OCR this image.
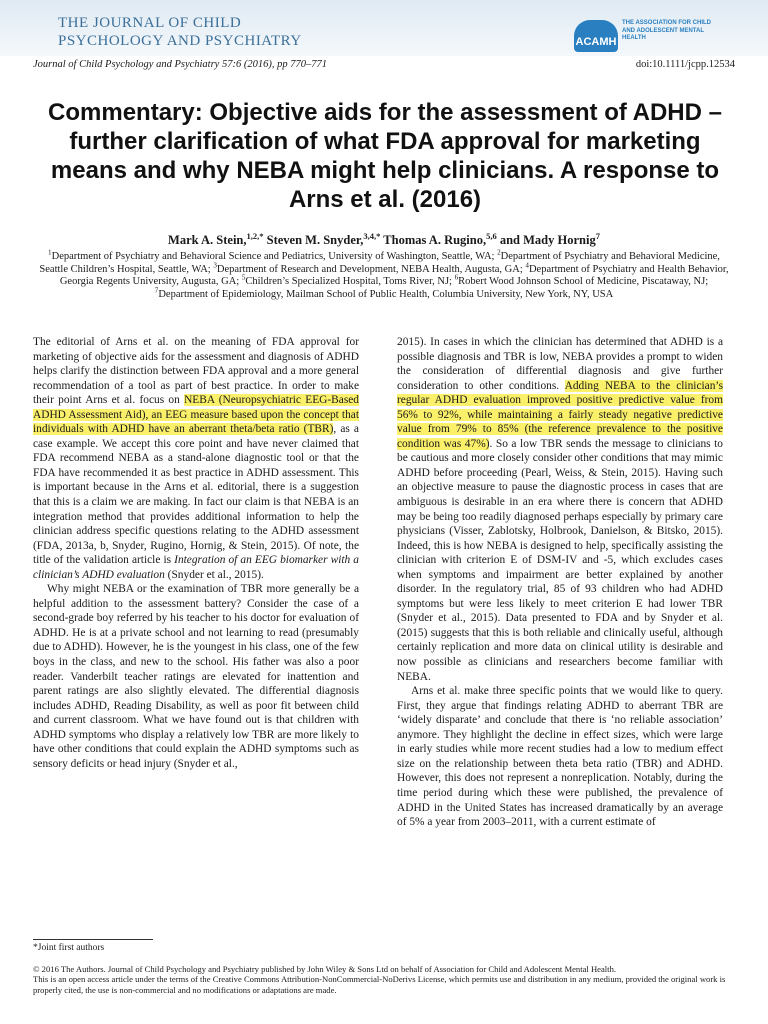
THE JOURNAL OF CHILD
PSYCHOLOGY AND PSYCHIATRY	ACAMH
THE ASSOCIATION FOR CHILD AND ADOLESCENT MENTAL HEALTH
Journal of Child Psychology and Psychiatry 57:6 (2016), pp 770–771	doi:10.1111/jcpp.12534
Commentary: Objective aids for the assessment of ADHD – further clarification of what FDA approval for marketing means and why NEBA might help clinicians. A response to Arns et al. (2016)
Mark A. Stein,$^{1,2,*}$ Steven M. Snyder,$^{3,4,*}$ Thomas A. Rugino,$^{5,6}$ and Mady Hornig$^7$
$^1$Department of Psychiatry and Behavioral Science and Pediatrics, University of Washington, Seattle, WA; $^2$Department of Psychiatry and Behavioral Medicine, Seattle Children’s Hospital, Seattle, WA; $^3$Department of Research and Development, NEBA Health, Augusta, GA; $^4$Department of Psychiatry and Health Behavior, Georgia Regents University, Augusta, GA; $^5$Children’s Specialized Hospital, Toms River, NJ; $^6$Robert Wood Johnson School of Medicine, Piscataway, NJ; $^7$Department of Epidemiology, Mailman School of Public Health, Columbia University, New York, NY, USA

The editorial of Arns et al. on the meaning of FDA approval for marketing of objective aids for the assessment and diagnosis of ADHD helps clarify the distinction between FDA approval and a more general recommendation of a tool as part of best practice. In order to make their point Arns et al. focus on NEBA (Neuropsychiatric EEG-Based ADHD Assessment Aid), an EEG measure based upon the concept that individuals with ADHD have an aberrant theta/beta ratio (TBR), as a case example. We accept this core point and have never claimed that FDA recommend NEBA as a stand-alone diagnostic tool or that the FDA have recommended it as best practice in ADHD assessment. This is important because in the Arns et al. editorial, there is a suggestion that this is a claim we are making. In fact our claim is that NEBA is an integration method that provides additional information to help the clinician address specific questions relating to the ADHD assessment (FDA, 2013a, b, Snyder, Rugino, Hornig, & Stein, 2015). Of note, the title of the validation article is Integration of an EEG biomarker with a clinician’s ADHD evaluation (Snyder et al., 2015).

Why might NEBA or the examination of TBR more generally be a helpful addition to the assessment battery? Consider the case of a second-grade boy referred by his teacher to his doctor for evaluation of ADHD. He is at a private school and not learning to read (presumably due to ADHD). However, he is the youngest in his class, one of the few boys in the class, and new to the school. His father was also a poor reader. Vanderbilt teacher ratings are elevated for inattention and parent ratings are also slightly elevated. The differential diagnosis includes ADHD, Reading Disability, as well as poor fit between child and current classroom. What we have found out is that children with ADHD symptoms who display a relatively low TBR are more likely to have other conditions that could explain the ADHD symptoms such as sensory deficits or head injury (Snyder et al.,

2015). In cases in which the clinician has determined that ADHD is a possible diagnosis and TBR is low, NEBA provides a prompt to widen the consideration of differential diagnosis and give further consideration to other conditions. Adding NEBA to the clinician’s regular ADHD evaluation improved positive predictive value from 56% to 92%, while maintaining a fairly steady negative predictive value from 79% to 85% (the reference prevalence to the positive condition was 47%). So a low TBR sends the message to clinicians to be cautious and more closely consider other conditions that may mimic ADHD before proceeding (Pearl, Weiss, & Stein, 2015). Having such an objective measure to pause the diagnostic process in cases that are ambiguous is desirable in an era where there is concern that ADHD may be being too readily diagnosed perhaps especially by primary care physicians (Visser, Zablotsky, Holbrook, Danielson, & Bitsko, 2015). Indeed, this is how NEBA is designed to help, specifically assisting the clinician with criterion E of DSM-IV and -5, which excludes cases when symptoms and impairment are better explained by another disorder. In the regulatory trial, 85 of 93 children who had ADHD symptoms but were less likely to meet criterion E had lower TBR (Snyder et al., 2015). Data presented to FDA and by Snyder et al. (2015) suggests that this is both reliable and clinically useful, although certainly replication and more data on clinical utility is desirable and now possible as clinicians and researchers become familiar with NEBA.

Arns et al. make three specific points that we would like to query. First, they argue that findings relating ADHD to aberrant TBR are ‘widely disparate’ and conclude that there is ‘no reliable association’ anymore. They highlight the decline in effect sizes, which were large in early studies while more recent studies had a low to medium effect size on the relationship between theta beta ratio (TBR) and ADHD. However, this does not represent a nonreplication. Notably, during the time period during which these were published, the prevalence of ADHD in the United States has increased dramatically by an average of 5% a year from 2003–2011, with a current estimate of

*Joint first authors
© 2016 The Authors. Journal of Child Psychology and Psychiatry published by John Wiley & Sons Ltd on behalf of Association for Child and Adolescent Mental Health.
This is an open access article under the terms of the Creative Commons Attribution-NonCommercial-NoDerivs License, which permits use and distribution in any medium, provided the original work is properly cited, the use is non-commercial and no modifications or adaptations are made.
